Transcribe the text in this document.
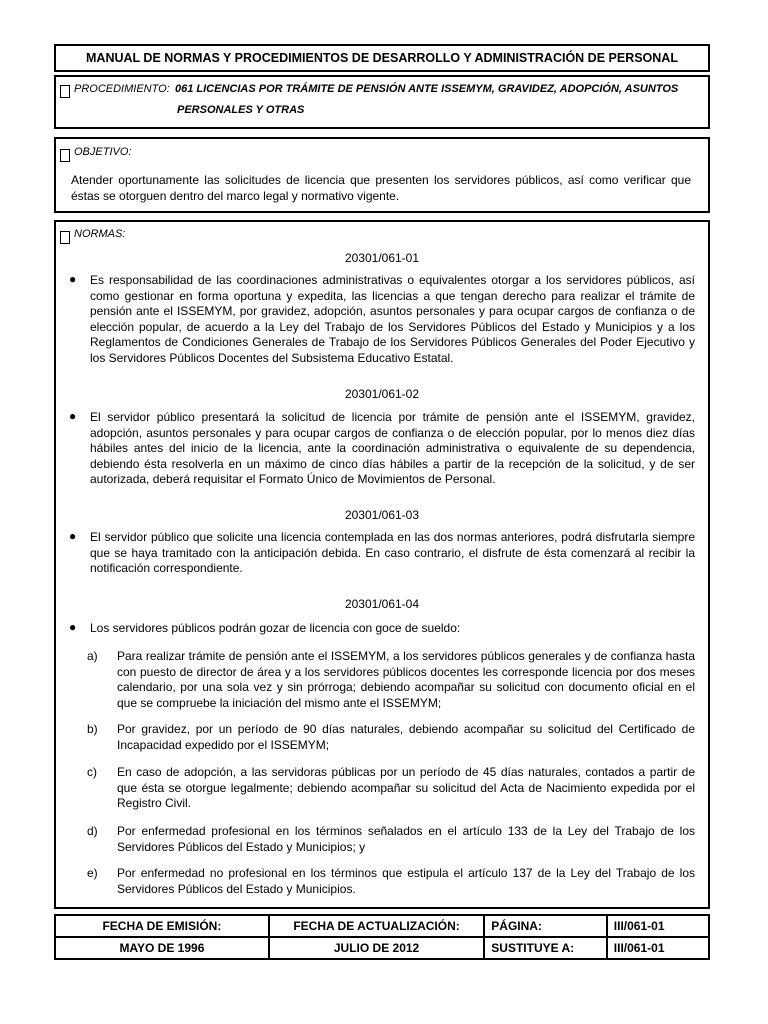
MANUAL DE NORMAS Y PROCEDIMIENTOS DE DESARROLLO Y ADMINISTRACIÓN DE PERSONAL
PROCEDIMIENTO: 061 LICENCIAS POR TRÁMITE DE PENSIÓN ANTE ISSEMYM, GRAVIDEZ, ADOPCIÓN, ASUNTOS
PERSONALES Y OTRAS
OBJETIVO:
Atender oportunamente las solicitudes de licencia que presenten los servidores públicos, así como verificar que éstas se otorguen dentro del marco legal y normativo vigente.
NORMAS:
20301/061-01
● Es responsabilidad de las coordinaciones administrativas o equivalentes otorgar a los servidores públicos, así como gestionar en forma oportuna y expedita, las licencias a que tengan derecho para realizar el trámite de pensión ante el ISSEMYM, por gravidez, adopción, asuntos personales y para ocupar cargos de confianza o de elección popular, de acuerdo a la Ley del Trabajo de los Servidores Públicos del Estado y Municipios y a los Reglamentos de Condiciones Generales de Trabajo de los Servidores Públicos Generales del Poder Ejecutivo y los Servidores Públicos Docentes del Subsistema Educativo Estatal.
20301/061-02
● El servidor público presentará la solicitud de licencia por trámite de pensión ante el ISSEMYM, gravidez, adopción, asuntos personales y para ocupar cargos de confianza o de elección popular, por lo menos diez días hábiles antes del inicio de la licencia, ante la coordinación administrativa o equivalente de su dependencia, debiendo ésta resolverla en un máximo de cinco días hábiles a partir de la recepción de la solicitud, y de ser autorizada, deberá requisitar el Formato Único de Movimientos de Personal.
20301/061-03
● El servidor público que solicite una licencia contemplada en las dos normas anteriores, podrá disfrutarla siempre que se haya tramitado con la anticipación debida. En caso contrario, el disfrute de ésta comenzará al recibir la notificación correspondiente.
20301/061-04
● Los servidores públicos podrán gozar de licencia con goce de sueldo:
a) Para realizar trámite de pensión ante el ISSEMYM, a los servidores públicos generales y de confianza hasta con puesto de director de área y a los servidores públicos docentes les corresponde licencia por dos meses calendario, por una sola vez y sin prórroga; debiendo acompañar su solicitud con documento oficial en el que se compruebe la iniciación del mismo ante el ISSEMYM;
b) Por gravidez, por un período de 90 días naturales, debiendo acompañar su solicitud del Certificado de Incapacidad expedido por el ISSEMYM;
c) En caso de adopción, a las servidoras públicas por un período de 45 días naturales, contados a partir de que ésta se otorgue legalmente; debiendo acompañar su solicitud del Acta de Nacimiento expedida por el Registro Civil.
d) Por enfermedad profesional en los términos señalados en el artículo 133 de la Ley del Trabajo de los Servidores Públicos del Estado y Municipios; y
e) Por enfermedad no profesional en los términos que estipula el artículo 137 de la Ley del Trabajo de los Servidores Públicos del Estado y Municipios.
FECHA DE EMISIÓN:	FECHA DE ACTUALIZACIÓN:	PÁGINA:	III/061-01
MAYO DE 1996	JULIO DE 2012	SUSTITUYE A:	III/061-01
